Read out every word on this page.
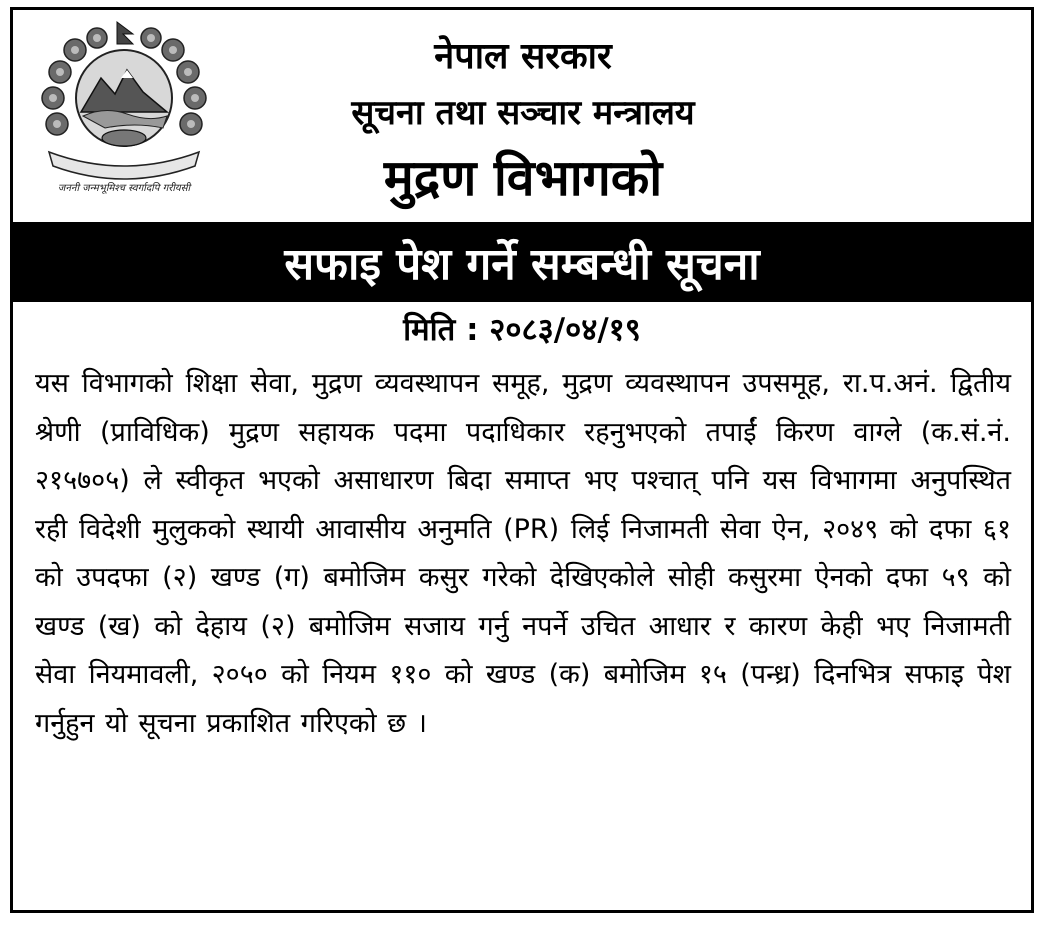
जननी जन्मभूमिश्च स्वर्गादपि गरीयसी
नेपाल सरकार
सूचना तथा सञ्चार मन्त्रालय
मुद्रण विभागको
सफाइ पेश गर्ने सम्बन्धी सूचना
मिति : २०८३/०४/१९
यस विभागको शिक्षा सेवा, मुद्रण व्यवस्थापन समूह, मुद्रण व्यवस्थापन उपसमूह, रा.प.अनं. द्वितीय श्रेणी (प्राविधिक) मुद्रण सहायक पदमा पदाधिकार रहनुभएको तपाईं किरण वाग्ले (क.सं.नं. २१५७०५) ले स्वीकृत भएको असाधारण बिदा समाप्त भए पश्चात् पनि यस विभागमा अनुपस्थित रही विदेशी मुलुकको स्थायी आवासीय अनुमति (PR) लिई निजामती सेवा ऐन, २०४९ को दफा ६१ को उपदफा (२) खण्ड (ग) बमोजिम कसुर गरेको देखिएकोले सोही कसुरमा ऐनको दफा ५९ को खण्ड (ख) को देहाय (२) बमोजिम सजाय गर्नु नपर्ने उचित आधार र कारण केही भए निजामती सेवा नियमावली, २०५० को नियम ११० को खण्ड (क) बमोजिम १५ (पन्ध्र) दिनभित्र सफाइ पेश गर्नुहुन यो सूचना प्रकाशित गरिएको छ ।
